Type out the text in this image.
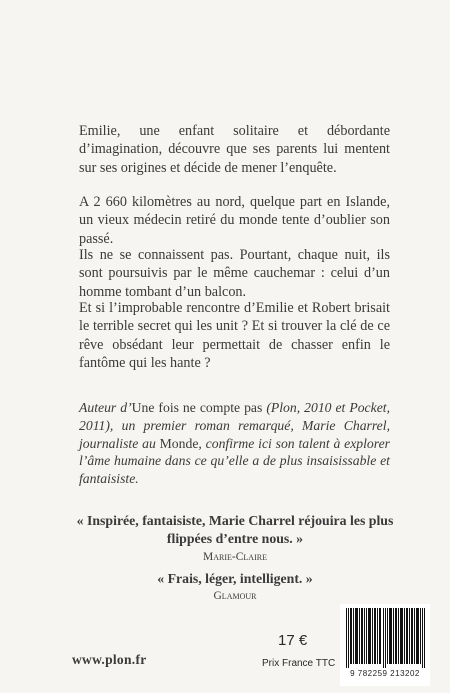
Emilie, une enfant solitaire et débordante d’imagination, découvre que ses parents lui mentent sur ses origines et décide de mener l’enquête.

A 2 660 kilomètres au nord, quelque part en Islande, un vieux médecin retiré du monde tente d’oublier son passé.

Ils ne se connaissent pas. Pourtant, chaque nuit, ils sont poursuivis par le même cauchemar : celui d’un homme tombant d’un balcon.

Et si l’improbable rencontre d’Emilie et Robert brisait le terrible secret qui les unit ? Et si trouver la clé de ce rêve obsédant leur permettait de chasser enfin le fantôme qui les hante ?

Auteur d’Une fois ne compte pas (Plon, 2010 et Pocket, 2011), un premier roman remarqué, Marie Charrel, journaliste au Monde, confirme ici son talent à explorer l’âme humaine dans ce qu’elle a de plus insaisissable et fantaisiste.

« Inspirée, fantaisiste, Marie Charrel réjouira les plus flippées d’entre nous. »

Marie-Claire

« Frais, léger, intelligent. »

Glamour

www.plon.fr
17 €
Prix France TTC
9 782259 213202
